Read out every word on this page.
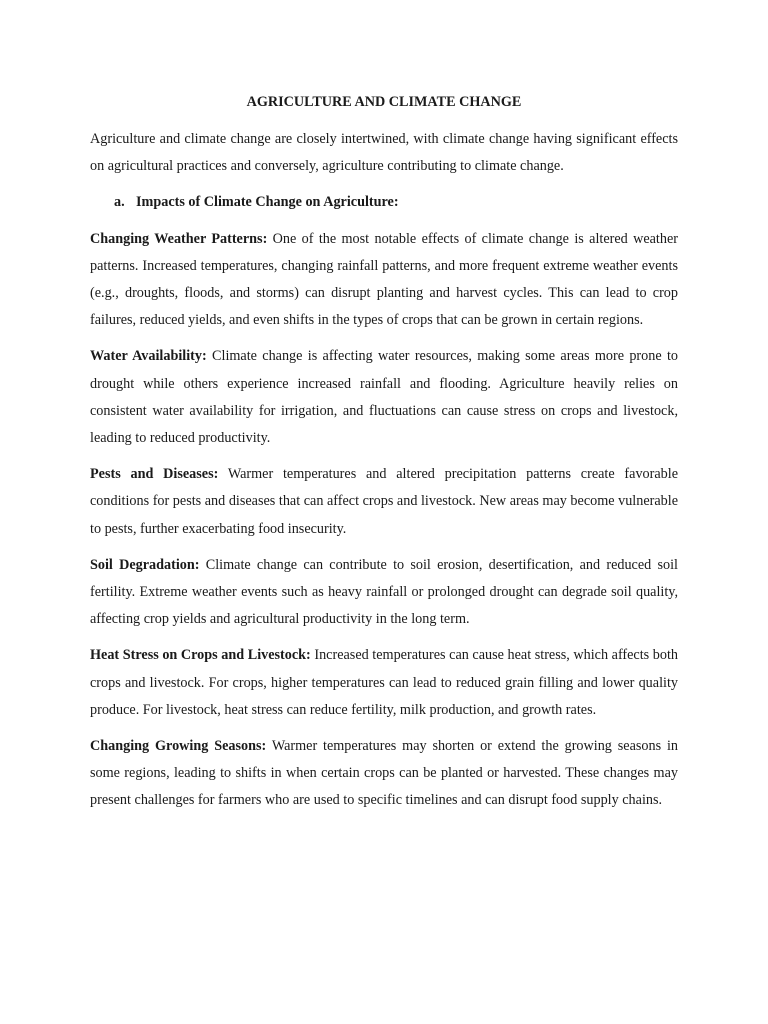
AGRICULTURE AND CLIMATE CHANGE

Agriculture and climate change are closely intertwined, with climate change having significant effects on agricultural practices and conversely, agriculture contributing to climate change.

a. Impacts of Climate Change on Agriculture:

Changing Weather Patterns: One of the most notable effects of climate change is altered weather patterns. Increased temperatures, changing rainfall patterns, and more frequent extreme weather events (e.g., droughts, floods, and storms) can disrupt planting and harvest cycles. This can lead to crop failures, reduced yields, and even shifts in the types of crops that can be grown in certain regions.

Water Availability: Climate change is affecting water resources, making some areas more prone to drought while others experience increased rainfall and flooding. Agriculture heavily relies on consistent water availability for irrigation, and fluctuations can cause stress on crops and livestock, leading to reduced productivity.

Pests and Diseases: Warmer temperatures and altered precipitation patterns create favorable conditions for pests and diseases that can affect crops and livestock. New areas may become vulnerable to pests, further exacerbating food insecurity.

Soil Degradation: Climate change can contribute to soil erosion, desertification, and reduced soil fertility. Extreme weather events such as heavy rainfall or prolonged drought can degrade soil quality, affecting crop yields and agricultural productivity in the long term.

Heat Stress on Crops and Livestock: Increased temperatures can cause heat stress, which affects both crops and livestock. For crops, higher temperatures can lead to reduced grain filling and lower quality produce. For livestock, heat stress can reduce fertility, milk production, and growth rates.

Changing Growing Seasons: Warmer temperatures may shorten or extend the growing seasons in some regions, leading to shifts in when certain crops can be planted or harvested. These changes may present challenges for farmers who are used to specific timelines and can disrupt food supply chains.
